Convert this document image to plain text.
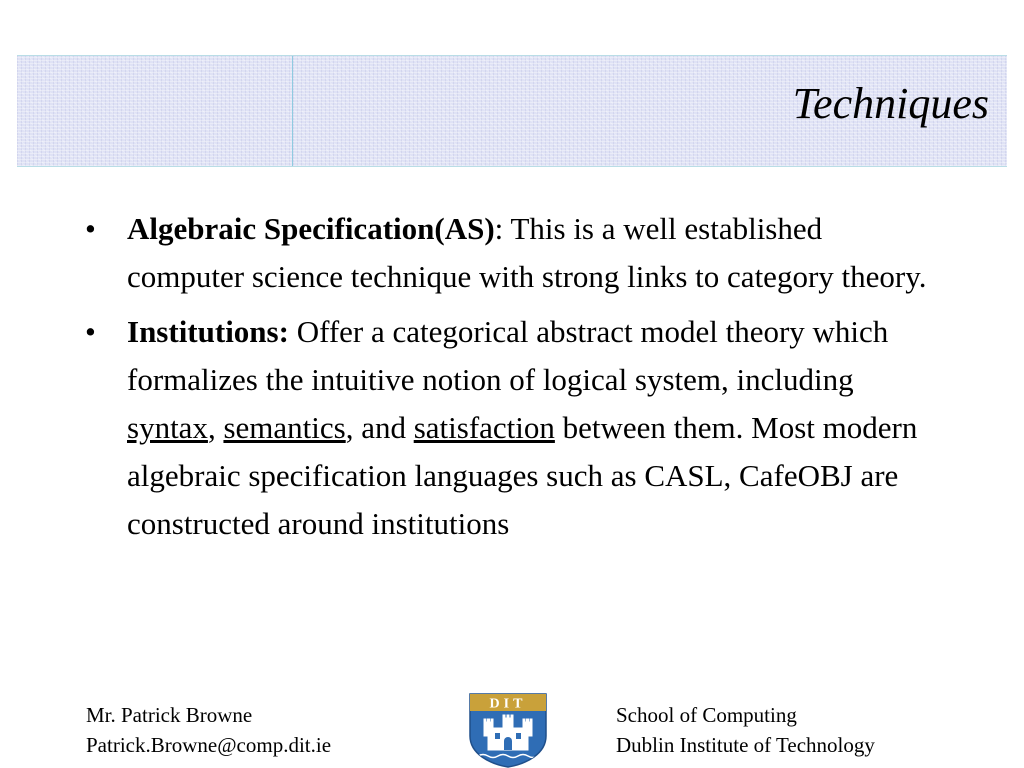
Techniques
• Algebraic Specification(AS): This is a well established computer science technique with strong links to category theory.
• Institutions: Offer a categorical abstract model theory which formalizes the intuitive notion of logical system, including syntax, semantics, and satisfaction between them. Most modern algebraic specification languages such as CASL, CafeOBJ are constructed around institutions
Mr. Patrick Browne
Patrick.Browne@comp.dit.ie
DIT	School of Computing
Dublin Institute of Technology
